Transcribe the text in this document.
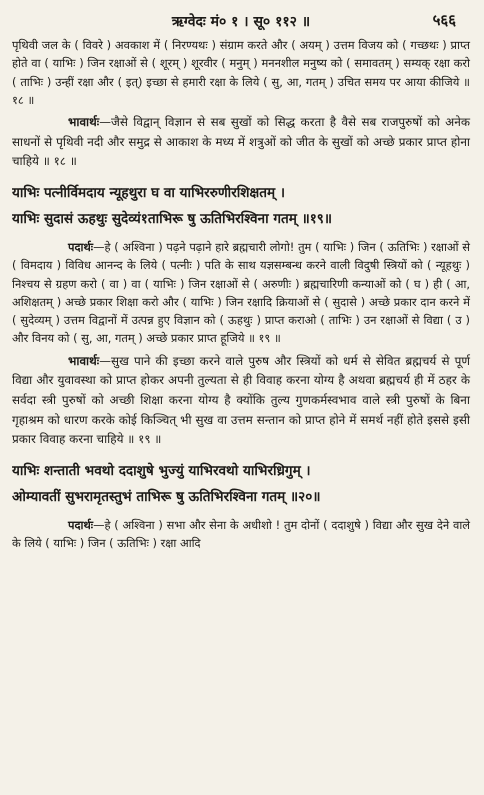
ऋग्वेदः मं० १ । सू० ११२ ॥	५६६

पृथिवी जल के ( विवरे ) अवकाश में ( निरण्यथः ) संग्राम करते और ( अयम् ) उत्तम विजय को ( गच्छथः ) प्राप्त होते वा ( याभिः ) जिन रक्षाओं से ( शूरम् ) शूरवीर ( मनुम् ) मननशील मनुष्य को ( समावतम् ) सम्यक् रक्षा करो ( ताभिः ) उन्हीं रक्षा और ( इत्) इच्छा से हमारी रक्षा के लिये ( सु, आ, गतम् ) उचित समय पर आया कीजिये ॥ १८ ॥

भावार्थः—जैसे विद्वान् विज्ञान से सब सुखों को सिद्ध करता है वैसे सब राजपुरुषों को अनेक साधनों से पृथिवी नदी और समुद्र से आकाश के मध्य में शत्रुओं को जीत के सुखों को अच्छे प्रकार प्राप्त होना चाहिये ॥ १८ ॥

याभिः पत्नीर्विमदाय न्यूहथुरा घ वा याभिररुणीरशिक्षतम् ।
याभिः सुदासं ऊहथुः सुदेव्यं१ताभिरू षु ऊतिभिरश्विना गतम् ॥१९॥

पदार्थः—हे ( अश्विना ) पढ़ने पढ़ाने हारे ब्रह्मचारी लोगो! तुम ( याभिः ) जिन ( ऊतिभिः ) रक्षाओं से ( विमदाय ) विविध आनन्द के लिये ( पत्नीः ) पति के साथ यज्ञसम्बन्ध करने वाली विदुषी स्त्रियों को ( न्यूहथुः ) निश्चय से ग्रहण करो ( वा ) वा ( याभिः ) जिन रक्षाओं से ( अरुणीः ) ब्रह्मचारिणी कन्याओं को ( घ ) ही ( आ, अशिक्षतम् ) अच्छे प्रकार शिक्षा करो और ( याभिः ) जिन रक्षादि क्रियाओं से ( सुदासे ) अच्छे प्रकार दान करने में ( सुदेव्यम् ) उत्तम विद्वानों में उत्पन्न हुए विज्ञान को ( ऊहथुः ) प्राप्त कराओ ( ताभिः ) उन रक्षाओं से विद्या ( उ ) और विनय को ( सु, आ, गतम् ) अच्छे प्रकार प्राप्त हूजिये ॥ १९ ॥

भावार्थः—सुख पाने की इच्छा करने वाले पुरुष और स्त्रियों को धर्म से सेवित ब्रह्मचर्य से पूर्ण विद्या और युवावस्था को प्राप्त होकर अपनी तुल्यता से ही विवाह करना योग्य है अथवा ब्रह्मचर्य ही में ठहर के सर्वदा स्त्री पुरुषों को अच्छी शिक्षा करना योग्य है क्योंकि तुल्य गुणकर्मस्वभाव वाले स्त्री पुरुषों के बिना गृहाश्रम को धारण करके कोई किञ्चित् भी सुख वा उत्तम सन्तान को प्राप्त होने में समर्थ नहीं होते इससे इसी प्रकार विवाह करना चाहिये ॥ १९ ॥

याभिः शन्ताती भवथो ददाशुषे भुज्युं याभिरवथो याभिरध्रिगुम् ।
ओम्यावतीं सुभरामृतस्तुभं ताभिरू षु ऊतिभिरश्विना गतम् ॥२०॥

पदार्थः—हे ( अश्विना ) सभा और सेना के अधीशो ! तुम दोनों ( ददाशुषे ) विद्या और सुख देने वाले के लिये ( याभिः ) जिन ( ऊतिभिः ) रक्षा आदि
